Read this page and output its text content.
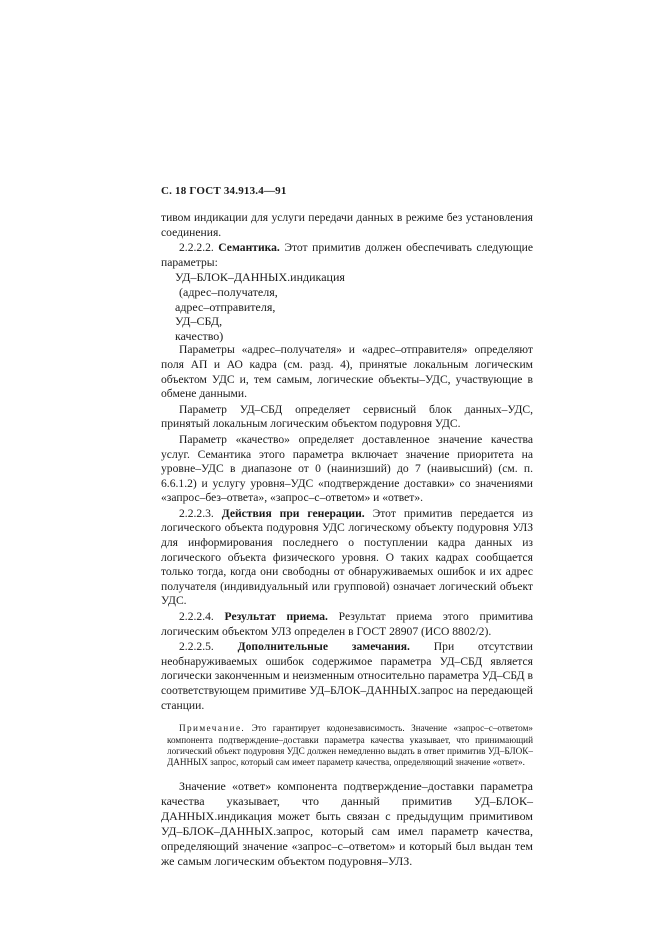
С. 18 ГОСТ 34.913.4—91

тивом индикации для услуги передачи данных в режиме без установления соединения.

2.2.2.2. Семантика. Этот примитив должен обеспечивать следующие параметры:

УД–БЛОК–ДАННЫХ.индикация

(адрес–получателя,

адрес–отправителя,

УД–СБД,

качество)

Параметры «адрес–получателя» и «адрес–отправителя» определяют поля АП и АО кадра (см. разд. 4), принятые локальным логическим объектом УДС и, тем самым, логические объекты–УДС, участвующие в обмене данными.

Параметр УД–СБД определяет сервисный блок данных–УДС, принятый локальным логическим объектом подуровня УДС.

Параметр «качество» определяет доставленное значение качества услуг. Семантика этого параметра включает значение приоритета на уровне–УДС в диапазоне от 0 (наинизший) до 7 (наивысший) (см. п. 6.6.1.2) и услугу уровня–УДС «подтверждение доставки» со значениями «запрос–без–ответа», «запрос–с–ответом» и «ответ».

2.2.2.3. Действия при генерации. Этот примитив передается из логического объекта подуровня УДС логическому объекту подуровня УЛЗ для информирования последнего о поступлении кадра данных из логического объекта физического уровня. О таких кадрах сообщается только тогда, когда они свободны от обнаруживаемых ошибок и их адрес получателя (индивидуальный или групповой) означает логический объект УДС.

2.2.2.4. Результат приема. Результат приема этого примитива логическим объектом УЛЗ определен в ГОСТ 28907 (ИСО 8802/2).

2.2.2.5. Дополнительные замечания. При отсутствии необнаруживаемых ошибок содержимое параметра УД–СБД является логически законченным и неизменным относительно параметра УД–СБД в соответствующем примитиве УД–БЛОК–ДАННЫХ.запрос на передающей станции.

Примечание. Это гарантирует кодонезависимость. Значение «запрос–с–ответом» компонента подтверждение–доставки параметра качества указывает, что принимающий логический объект подуровня УДС должен немедленно выдать в ответ примитив УД–БЛОК–ДАННЫХ запрос, который сам имеет параметр качества, определяющий значение «ответ».

Значение «ответ» компонента подтверждение–доставки параметра качества указывает, что данный примитив УД–БЛОК–ДАННЫХ.индикация может быть связан с предыдущим примитивом УД–БЛОК–ДАННЫХ.запрос, который сам имел параметр качества, определяющий значение «запрос–с–ответом» и который был выдан тем же самым логическим объектом подуровня–УЛЗ.
